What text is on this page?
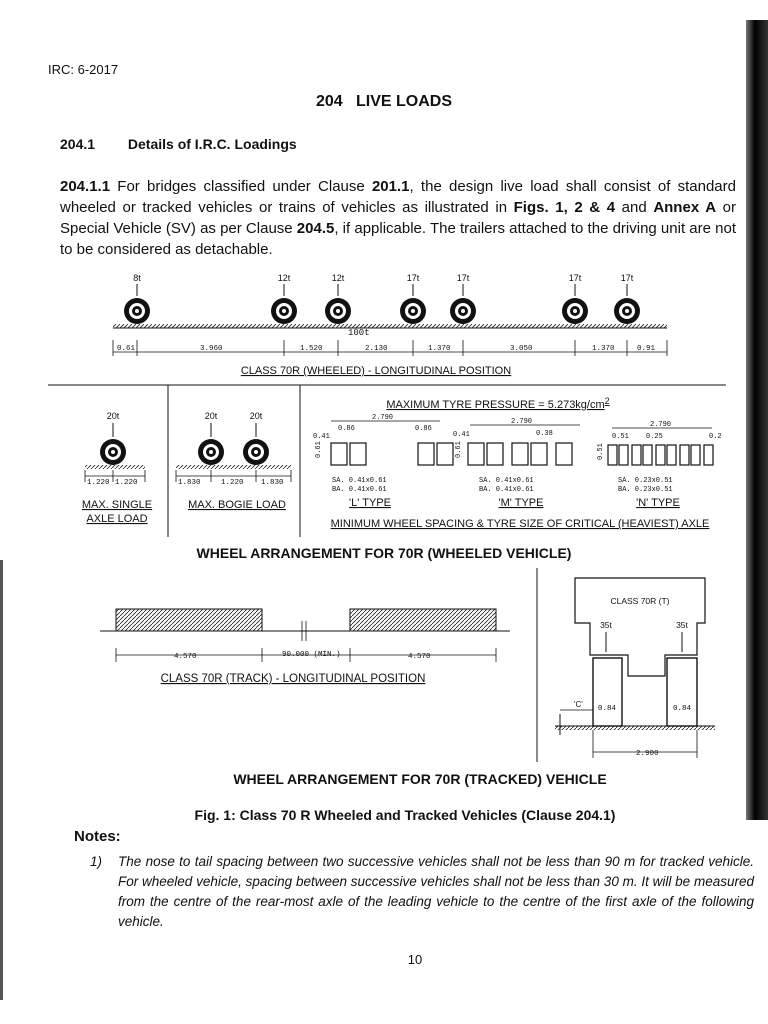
IRC: 6-2017
204 LIVE LOADS
204.1 Details of I.R.C. Loadings
204.1.1 For bridges classified under Clause 201.1, the design live load shall consist of standard wheeled or tracked vehicles or trains of vehicles as illustrated in Figs. 1, 2 & 4 and Annex A or Special Vehicle (SV) as per Clause 204.5, if applicable. The trailers attached to the driving unit are not to be considered as detachable.
8t	12t	12t	17t	17t	17t	17t
100t
0.61	3.960	1.520	2.130	1.370	3.050	1.370	0.91
CLASS 70R (WHEELED) - LONGITUDINAL POSITION
20t
1.220 1.220
MAX. SINGLE
AXLE LOAD
20t	20t
1.830	1.220 1.830
MAX. BOGIE LOAD
MAXIMUM TYRE PRESSURE = $5.273kg/cm^2$
2.790
0.86	0.86
0.41
0.61
SA. 0.41x0.61
BA. 0.41x0.61
'L' TYPE
2.790
0.38
0.41
0.61
SA. 0.41x0.61
BA. 0.41x0.61
'M' TYPE
2.790
0.51 0.25	0.2
0.51
SA. 0.23x0.51
BA. 0.23x0.51
'N' TYPE
MINIMUM WHEEL SPACING & TYRE SIZE OF CRITICAL (HEAVIEST) AXLE
4.570	90.000 (MIN.)	4.570
CLASS 70R (TRACK) - LONGITUDINAL POSITION
CLASS 70R (T)
35t	35t
'C' 0.84	0.84
2.900
WHEEL ARRANGEMENT FOR 70R (WHEELED VEHICLE)
WHEEL ARRANGEMENT FOR 70R (TRACKED) VEHICLE
Fig. 1: Class 70 R Wheeled and Tracked Vehicles (Clause 204.1)
Notes:
1) The nose to tail spacing between two successive vehicles shall not be less than 90 m for tracked vehicle. For wheeled vehicle, spacing between successive vehicles shall not be less than 30 m. It will be measured from the centre of the rear-most axle of the leading vehicle to the centre of the first axle of the following vehicle.
10
